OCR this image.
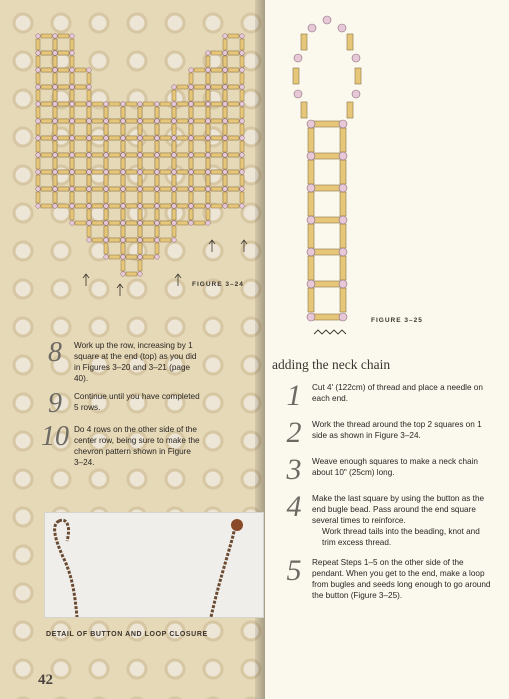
FIGURE 3–24
FIGURE 3–25
8	Work up the row, increasing by 1 square at the end (top) as you did in Figures 3–20 and 3–21 (page 40).
9	Continue until you have completed 5 rows.
10 Do 4 rows on the other side of the center row, being sure to make the chevron pattern shown in Figure 3–24.
DETAIL OF BUTTON AND LOOP CLOSURE
42
adding the neck chain
1	Cut 4' (122cm) of thread and place a needle on each end.
2	Work the thread around the top 2 squares on 1 side as shown in Figure 3–24.
3	Weave enough squares to make a neck chain about 10" (25cm) long.
4	Make the last square by using the button as the end bugle bead. Pass around the end square several times to reinforce.
Work thread tails into the beading, knot and trim excess thread.
5	Repeat Steps 1–5 on the other side of the pendant. When you get to the end, make a loop from bugles and seeds long enough to go around the button (Figure 3–25).
